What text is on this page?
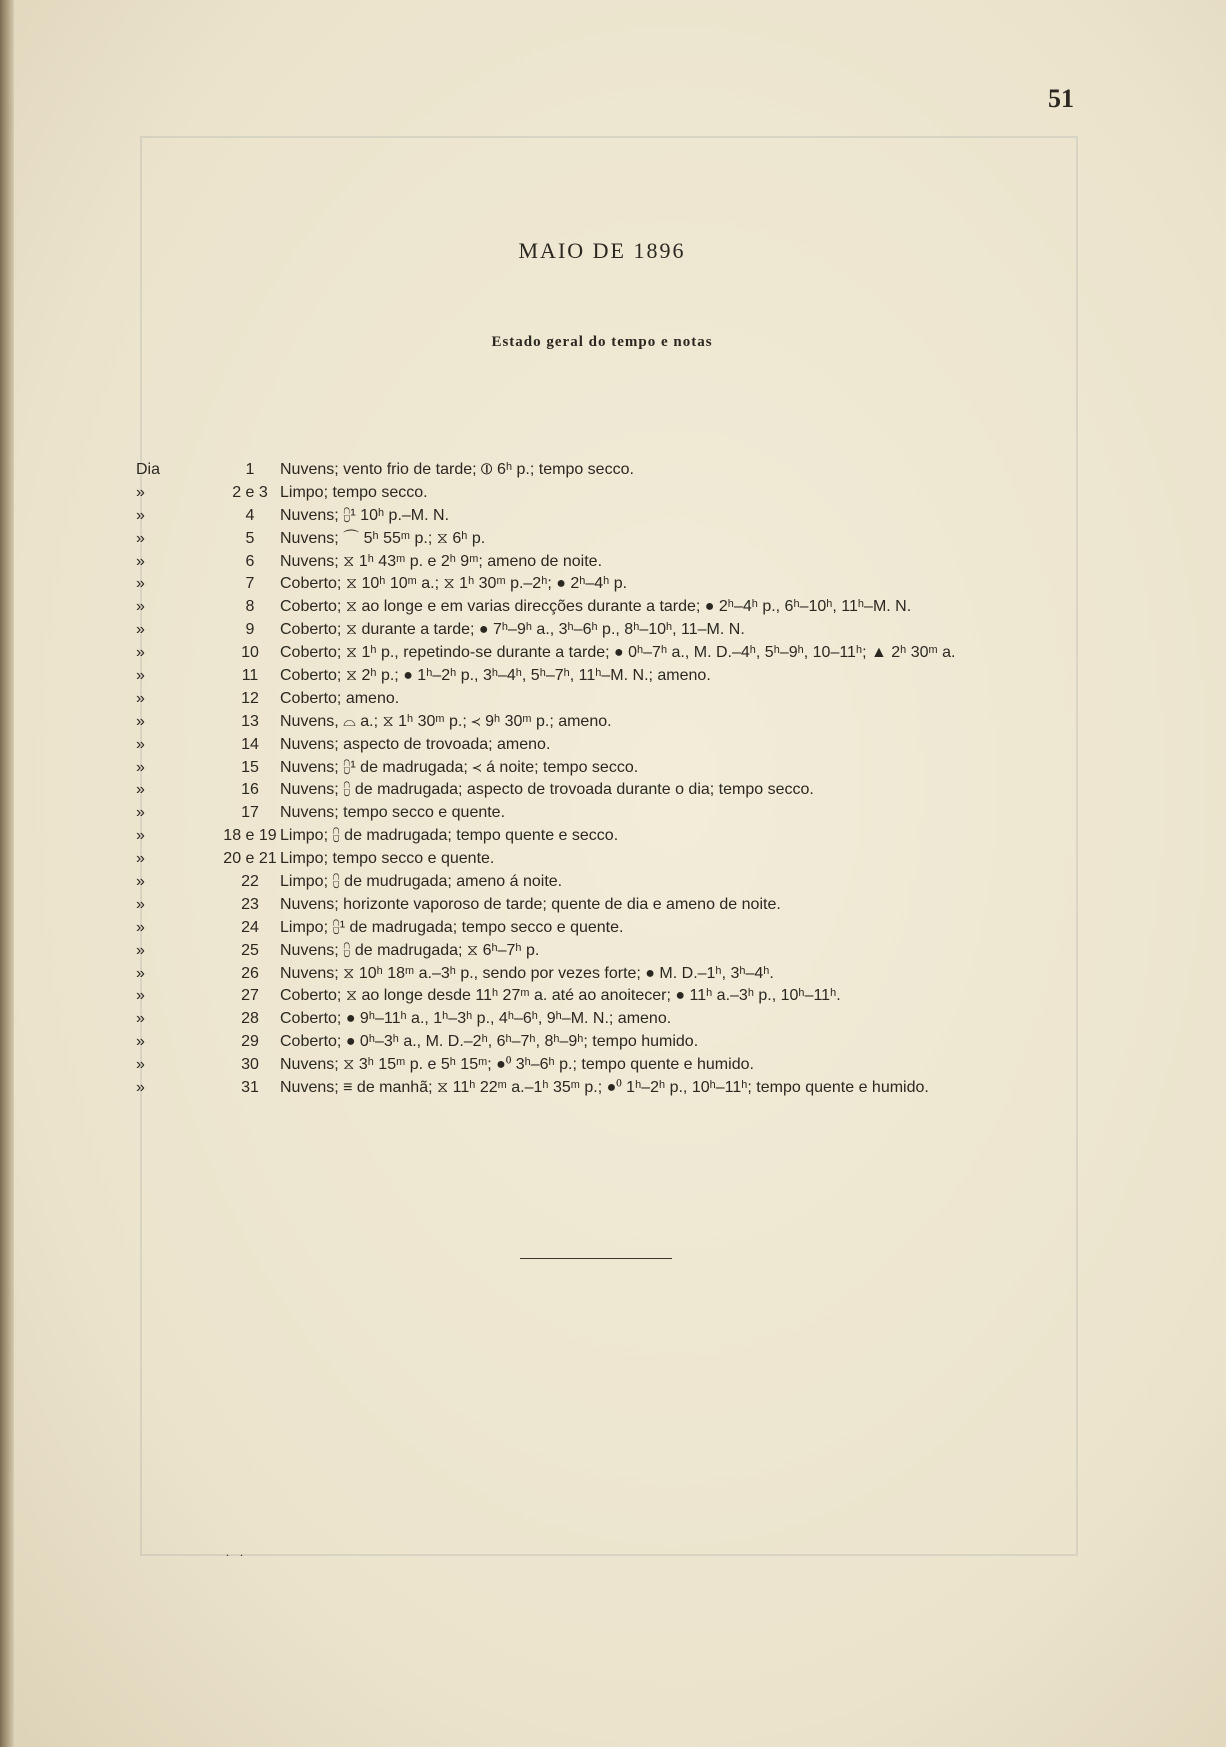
51
MAIO DE 1896
Estado geral do tempo e notas
Dia	1	Nuvens; vento frio de tarde; ⦶ 6ʰ p.; tempo secco.
»	2 e 3 Limpo; tempo secco.
»	4	Nuvens; ⩉¹ 10ʰ p.–M. N.
»	5	Nuvens; ⌒ 5ʰ 55ᵐ p.; ⧖ 6ʰ p.
»	6	Nuvens; ⧖ 1ʰ 43ᵐ p. e 2ʰ 9ᵐ; ameno de noite.
»	7	Coberto; ⧖ 10ʰ 10ᵐ a.; ⧖ 1ʰ 30ᵐ p.–2ʰ; ● 2ʰ–4ʰ p.
»	8	Coberto; ⧖ ao longe e em varias direcções durante a tarde; ● 2ʰ–4ʰ p., 6ʰ–10ʰ, 11ʰ–M. N.
»	9	Coberto; ⧖ durante a tarde; ● 7ʰ–9ʰ a., 3ʰ–6ʰ p., 8ʰ–10ʰ, 11–M. N.
»	10	Coberto; ⧖ 1ʰ p., repetindo-se durante a tarde; ● 0ʰ–7ʰ a., M. D.–4ʰ, 5ʰ–9ʰ, 10–11ʰ; ▲ 2ʰ 30ᵐ a.
»	11	Coberto; ⧖ 2ʰ p.; ● 1ʰ–2ʰ p., 3ʰ–4ʰ, 5ʰ–7ʰ, 11ʰ–M. N.; ameno.
»	12	Coberto; ameno.
»	13	Nuvens, ⌓ a.; ⧖ 1ʰ 30ᵐ p.; ≺ 9ʰ 30ᵐ p.; ameno.
»	14	Nuvens; aspecto de trovoada; ameno.
»	15	Nuvens; ⩉¹ de madrugada; ≺ á noite; tempo secco.
»	16	Nuvens; ⩉ de madrugada; aspecto de trovoada durante o dia; tempo secco.
»	17	Nuvens; tempo secco e quente.
»	18 e 19 Limpo; ⩉ de madrugada; tempo quente e secco.
»	20 e 21 Limpo; tempo secco e quente.
»	22	Limpo; ⩉ de mudrugada; ameno á noite.
»	23	Nuvens; horizonte vaporoso de tarde; quente de dia e ameno de noite.
»	24	Limpo; ⩉¹ de madrugada; tempo secco e quente.
»	25	Nuvens; ⩉ de madrugada; ⧖ 6ʰ–7ʰ p.
»	26	Nuvens; ⧖ 10ʰ 18ᵐ a.–3ʰ p., sendo por vezes forte; ● M. D.–1ʰ, 3ʰ–4ʰ.
»	27	Coberto; ⧖ ao longe desde 11ʰ 27ᵐ a. até ao anoitecer; ● 11ʰ a.–3ʰ p., 10ʰ–11ʰ.
»	28	Coberto; ● 9ʰ–11ʰ a., 1ʰ–3ʰ p., 4ʰ–6ʰ, 9ʰ–M. N.; ameno.
»	29	Coberto; ● 0ʰ–3ʰ a., M. D.–2ʰ, 6ʰ–7ʰ, 8ʰ–9ʰ; tempo humido.
»	30	Nuvens; ⧖ 3ʰ 15ᵐ p. e 5ʰ 15ᵐ; ●⁰ 3ʰ–6ʰ p.; tempo quente e humido.
»	31	Nuvens; ≡ de manhã; ⧖ 11ʰ 22ᵐ a.–1ʰ 35ᵐ p.; ●⁰ 1ʰ–2ʰ p., 10ʰ–11ʰ; tempo quente e humido.
. .
